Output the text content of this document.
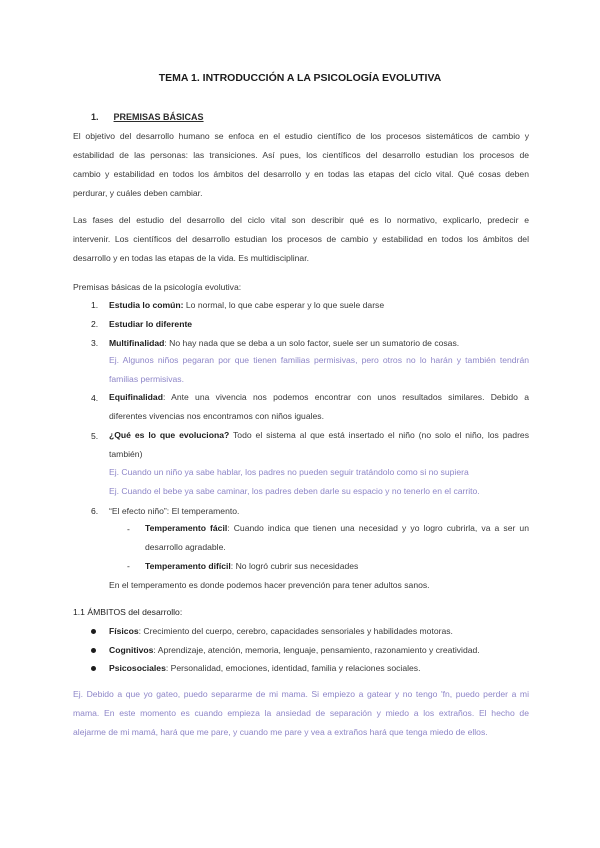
TEMA 1. INTRODUCCIÓN A LA PSICOLOGÍA EVOLUTIVA
1. PREMISAS BÁSICAS
El objetivo del desarrollo humano se enfoca en el estudio científico de los procesos sistemáticos de cambio y
estabilidad de las personas: las transiciones. Así pues, los científicos del desarrollo estudian los procesos de
cambio y estabilidad en todos los ámbitos del desarrollo y en todas las etapas del ciclo vital. Qué cosas deben
perdurar, y cuáles deben cambiar.
Las fases del estudio del desarrollo del ciclo vital son describir qué es lo normativo, explicarlo, predecir e
intervenir. Los científicos del desarrollo estudian los procesos de cambio y estabilidad en todos los ámbitos del
desarrollo y en todas las etapas de la vida. Es multidisciplinar.
Premisas básicas de la psicología evolutiva:
1. Estudia lo común: Lo normal, lo que cabe esperar y lo que suele darse
2. Estudiar lo diferente
3. Multifinalidad: No hay nada que se deba a un solo factor, suele ser un sumatorio de cosas.
Ej. Algunos niños pegaran por que tienen familias permisivas, pero otros no lo harán y también tendrán
familias permisivas.
4. Equifinalidad: Ante una vivencia nos podemos encontrar con unos resultados similares. Debido a
diferentes vivencias nos encontramos con niños iguales.
5. ¿Qué es lo que evoluciona? Todo el sistema al que está insertado el niño (no solo el niño, los padres
también)
Ej. Cuando un niño ya sabe hablar, los padres no pueden seguir tratándolo como si no supiera
Ej. Cuando el bebe ya sabe caminar, los padres deben darle su espacio y no tenerlo en el carrito.
6. “El efecto niño”: El temperamento.
- Temperamento fácil: Cuando indica que tienen una necesidad y yo logro cubrirla, va a ser un
desarrollo agradable.
- Temperamento difícil: No logró cubrir sus necesidades
En el temperamento es donde podemos hacer prevención para tener adultos sanos.
1.1 ÁMBITOS del desarrollo:
Físicos: Crecimiento del cuerpo, cerebro, capacidades sensoriales y habilidades motoras.
Cognitivos: Aprendizaje, atención, memoria, lenguaje, pensamiento, razonamiento y creatividad.
Psicosociales: Personalidad, emociones, identidad, familia y relaciones sociales.
Ej. Debido a que yo gateo, puedo separarme de mi mama. Si empiezo a gatear y no tengo 'fn, puedo perder a mi
mama. En este momento es cuando empieza la ansiedad de separación y miedo a los extraños. El hecho de
alejarme de mi mamá, hará que me pare, y cuando me pare y vea a extraños hará que tenga miedo de ellos.
